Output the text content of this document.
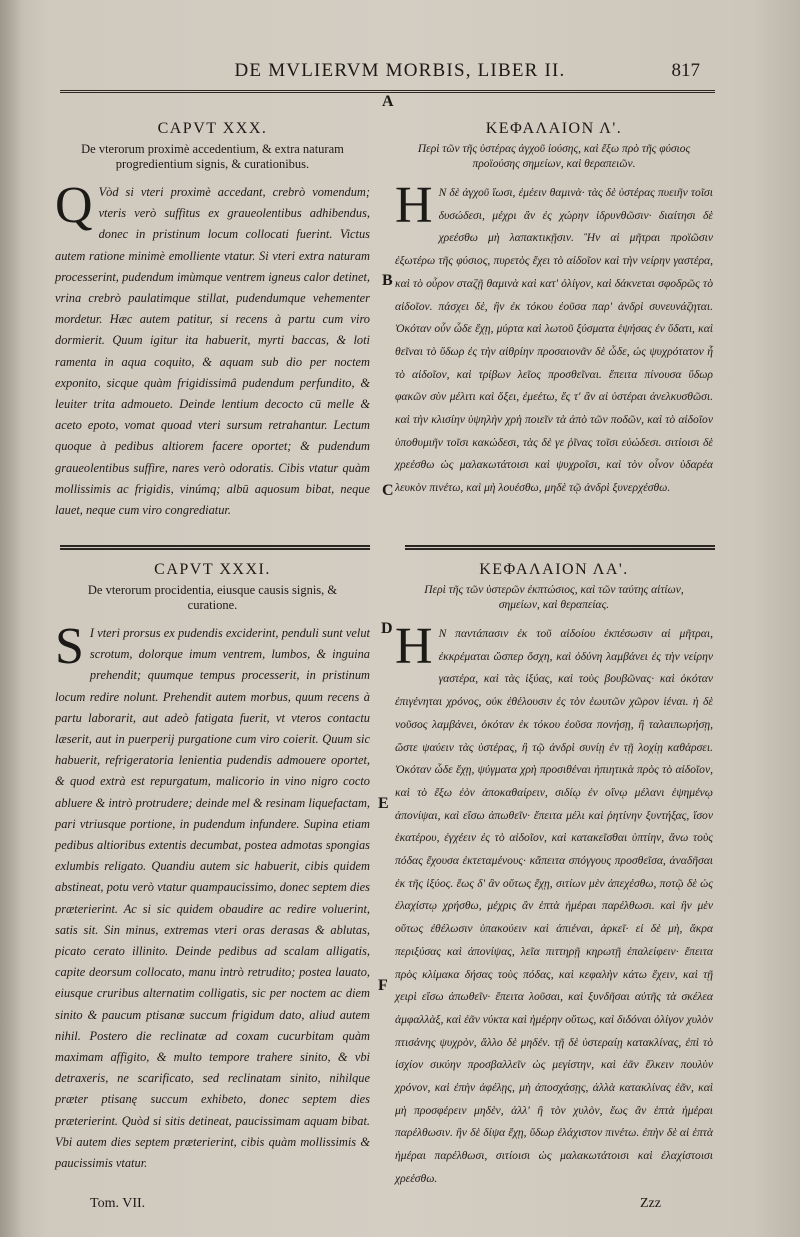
DE MVLIERVM MORBIS, LIBER II.	817
A
B
C
D
E
F
CAPVT XXX.
De vterorum proximè accedentium, & extra naturam progredientium signis, & curationibus.
Q Vòd si vteri proximè accedant, crebrò vomendum; vteris verò suffitus ex graueolentibus adhibendus, donec in pristinum locum collocati fuerint. Victus autem ratione minimè emolliente vtatur. Si vteri extra naturam processerint, pudendum imùmque ventrem igneus calor detinet, vrina crebrò paulatimque stillat, pudendumque vehementer mordetur. Hæc autem patitur, si recens à partu cum viro dormierit. Quum igitur ita habuerit, myrti baccas, & loti ramenta in aqua coquito, & aquam sub dio per noctem exponito, sicque quàm frigidissimâ pudendum perfundito, & leuiter trita admoueto. Deinde lentium decocto cū melle & aceto epoto, vomat quoad vteri sursum retrahantur. Lectum quoque à pedibus altiorem facere oportet; & pudendum graueolentibus suffire, nares verò odoratis. Cibis vtatur quàm mollissimis ac frigidis, vinúmq; albū aquosum bibat, neque lauet, neque cum viro congrediatur.
ΚΕΦΑΛΑΙΟΝ Λ'.
Περὶ τῶν τῆς ὑστέρας ἀγχοῦ ἰούσης, καὶ ἔξω πρὸ τῆς φύσιος προϊούσης σημείων, καὶ θεραπειῶν.
Η Ν δὲ ἀγχοῦ ἴωσι, ἐμέειν θαμινὰ· τὰς δὲ ὑστέρας πυειῆν τοῖσι δυσώδεσι, μέχρι ἂν ἐς χώρην ἱδρυνθῶσιν· διαίτησι δὲ χρεέσθω μὴ λαπακτικῇσιν. Ἢν αἱ μῆτραι προϊῶσιν ἐξωτέρω τῆς φύσιος, πυρετὸς ἔχει τὸ αἰδοῖον καὶ τὴν νείρην γαστέρα, καὶ τὸ οὖρον σταζῇ θαμινὰ καὶ κατ' ὀλίγον, καὶ δάκνεται σφοδρῶς τὸ αἰδοῖον. πάσχει δὲ, ἢν ἐκ τόκου ἐοῦσα παρ' ἀνδρὶ συνευνάζηται. Ὁκόταν οὖν ὧδε ἔχῃ, μύρτα καὶ λωτοῦ ξύσματα ἑψήσας ἐν ὕδατι, καὶ θεῖναι τὸ ὕδωρ ἐς τὴν αἰθρίην προσαιονᾶν δὲ ὧδε, ὡς ψυχρότατον ἦ τὸ αἰδοῖον, καὶ τρίβων λεῖος προσθεῖναι. ἔπειτα πίνουσα ὕδωρ φακῶν σὺν μέλιτι καὶ ὄξει, ἐμεέτω, ἔς τ' ἂν αἱ ὑστέραι ἀνελκυσθῶσι. καὶ τὴν κλισίην ὑψηλὴν χρὴ ποιεῖν τὰ ἀπὸ τῶν ποδῶν, καὶ τὸ αἰδοῖον ὑποθυμιῆν τοῖσι κακώδεσι, τὰς δὲ γε ῥῖνας τοῖσι εὐώδεσι. σιτίοισι δὲ χρεέσθω ὡς μαλακωτάτοισι καὶ ψυχροῖσι, καὶ τὸν οἶνον ὑδαρέα λευκὸν πινέτω, καὶ μὴ λουέσθω, μηδὲ τῷ ἀνδρὶ ξυνερχέσθω.
CAPVT XXXI.
De vterorum procidentia, eiusque causis signis, & curatione.
S I vteri prorsus ex pudendis exciderint, penduli sunt velut scrotum, dolorque imum ventrem, lumbos, & inguina prehendit; quumque tempus processerit, in pristinum locum redire nolunt. Prehendit autem morbus, quum recens à partu laborarit, aut adeò fatigata fuerit, vt vteros contactu læserit, aut in puerperij purgatione cum viro coierit. Quum sic habuerit, refrigeratoria lenientia pudendis admouere oportet, & quod extrà est repurgatum, malicorio in vino nigro cocto abluere & intrò protrudere; deinde mel & resinam liquefactam, pari vtriusque portione, in pudendum infundere. Supina etiam pedibus altioribus extentis decumbat, postea admotas spongias exlumbis religato. Quandiu autem sic habuerit, cibis quidem abstineat, potu verò vtatur quampaucissimo, donec septem dies præterierint. Ac si sic quidem obaudire ac redire voluerint, satis sit. Sin minus, extremas vteri oras derasas & ablutas, picato cerato illinito. Deinde pedibus ad scalam alligatis, capite deorsum collocato, manu intrò retrudito; postea lauato, eiusque cruribus alternatim colligatis, sic per noctem ac diem sinito & paucum ptisanæ succum frigidum dato, aliud autem nihil. Postero die reclinatæ ad coxam cucurbitam quàm maximam affigito, & multo tempore trahere sinito, & vbi detraxeris, ne scarificato, sed reclinatam sinito, nihilque præter ptisanę succum exhibeto, donec septem dies præterierint. Quòd si sitis detineat, paucissimam aquam bibat. Vbi autem dies septem præterierint, cibis quàm mollissimis & paucissimis vtatur.
ΚΕΦΑΛΑΙΟΝ ΛΑ'.
Περὶ τῆς τῶν ὑστερῶν ἐκπτώσιος, καὶ τῶν ταύτης αἰτίων, σημείων, καὶ θεραπείας.
Η Ν παντάπασιν ἐκ τοῦ αἰδοίου ἐκπέσωσιν αἱ μῆτραι, ἐκκρέμαται ὥσπερ ὄσχη, καὶ ὀδύνη λαμβάνει ἐς τὴν νείρην γαστέρα, καὶ τὰς ἰξύας, καὶ τοὺς βουβῶνας· καὶ ὁκόταν ἐπιγένηται χρόνος, οὐκ ἐθέλουσιν ἐς τὸν ἑωυτῶν χῶρον ἰέναι. ἡ δὲ νοῦσος λαμβάνει, ὁκόταν ἐκ τόκου ἐοῦσα πονήσῃ, ἢ ταλαιπωρήσῃ, ὥστε ψαύειν τὰς ὑστέρας, ἢ τῷ ἀνδρὶ συνίῃ ἐν τῇ λοχίῃ καθάρσει. Ὁκόταν ὧδε ἔχῃ, ψύγματα χρὴ προσιθέναι ἠπιητικὰ πρὸς τὸ αἰδοῖον, καὶ τὸ ἔξω ἐὸν ἀποκαθαίρειν, σιδίῳ ἐν οἴνῳ μέλανι ἑψημένῳ ἀπονίψαι, καὶ εἴσω ἀπωθεῖν· ἔπειτα μέλι καὶ ῥητίνην ξυντήξας, ἴσον ἑκατέρου, ἐγχέειν ἐς τὸ αἰδοῖον, καὶ κατακεῖσθαι ὑπτίην, ἄνω τοὺς πόδας ἔχουσα ἐκτεταμένους· κἄπειτα σπόγγους προσθεῖσα, ἀναδῆσαι ἐκ τῆς ἰξύος. ἕως δ' ἂν οὕτως ἔχῃ, σιτίων μὲν ἀπεχέσθω, ποτῷ δὲ ὡς ἐλαχίστῳ χρήσθω, μέχρις ἂν ἑπτὰ ἡμέραι παρέλθωσι. καὶ ἢν μὲν οὕτως ἐθέλωσιν ὑπακούειν καὶ ἀπιέναι, ἀρκεῖ· εἰ δὲ μὴ, ἄκρα περιξύσας καὶ ἀπονίψας, λεῖα πιττηρῇ κηρωτῇ ἐπαλείφειν· ἔπειτα πρὸς κλίμακα δήσας τοὺς πόδας, καὶ κεφαλὴν κάτω ἔχειν, καὶ τῇ χειρὶ εἴσω ἀπωθεῖν· ἔπειτα λοῦσαι, καὶ ξυνδῆσαι αὐτῆς τὰ σκέλεα ἀμφαλλὰξ, καὶ ἐᾶν νύκτα καὶ ἡμέρην οὕτως, καὶ διδόναι ὀλίγον χυλὸν πτισάνης ψυχρὸν, ἄλλο δὲ μηδέν. τῇ δὲ ὑστεραίῃ κατακλίνας, ἐπὶ τὸ ἰσχίον σικύην προσβαλλεῖν ὡς μεγίστην, καὶ ἐᾶν ἕλκειν πουλὺν χρόνον, καὶ ἐπὴν ἀφέλῃς, μὴ ἀποσχάσῃς, ἀλλὰ κατακλίνας ἐᾶν, καὶ μὴ προσφέρειν μηδὲν, ἀλλ' ἢ τὸν χυλὸν, ἕως ἂν ἑπτὰ ἡμέραι παρέλθωσιν. ἢν δὲ δίψα ἔχῃ, ὕδωρ ἐλάχιστον πινέτω. ἐπὴν δὲ αἱ ἑπτὰ ἡμέραι παρέλθωσι, σιτίοισι ὡς μαλακωτάτοισι καὶ ἐλαχίστοισι χρεέσθω.
Tom. VII.	Zzz
